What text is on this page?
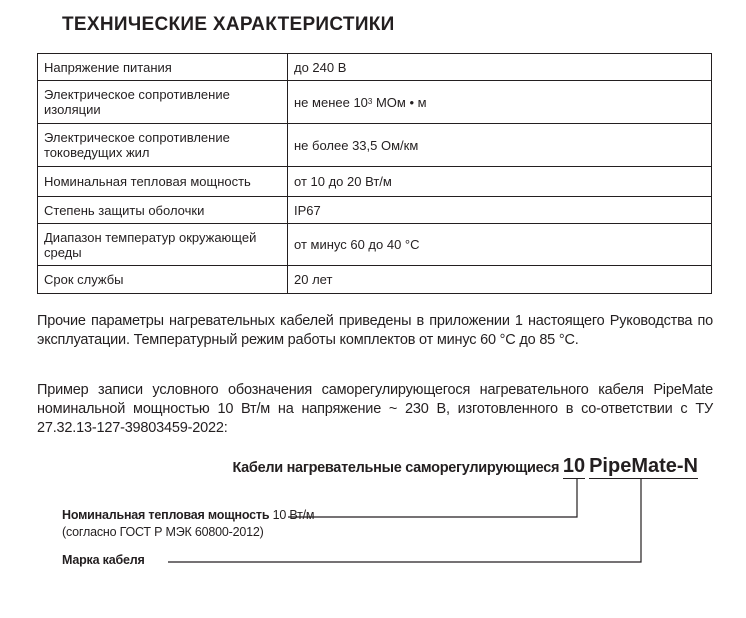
ТЕХНИЧЕСКИЕ ХАРАКТЕРИСТИКИ
Напряжение питания	до 240 В
Электрическое сопротивление изоляции	не менее $10^3$ МОм • м
Электрическое сопротивление токоведущих жил	не более 33,5 Ом/км
Номинальная тепловая мощность	от 10 до 20 Вт/м
Степень защиты оболочки	IP67
Диапазон температур окружающей среды	от минус 60 до 40 °C
Срок службы	20 лет
Прочие параметры нагревательных кабелей приведены в приложении 1 настоящего Руководства по эксплуатации. Температурный режим работы комплектов от минус 60 °C до 85 °C.
Пример записи условного обозначения саморегулирующегося нагревательного кабеля PipeMate номинальной мощностью 10 Вт/м на напряжение ~ 230 В, изготовленного в со-ответствии с ТУ 27.32.13-127-39803459-2022:
Кабели нагревательные саморегулирующиеся 10 PipeMate-N
Номинальная тепловая мощность 10 Вт/м
(согласно ГОСТ Р МЭК 60800-2012)
Марка кабеля
